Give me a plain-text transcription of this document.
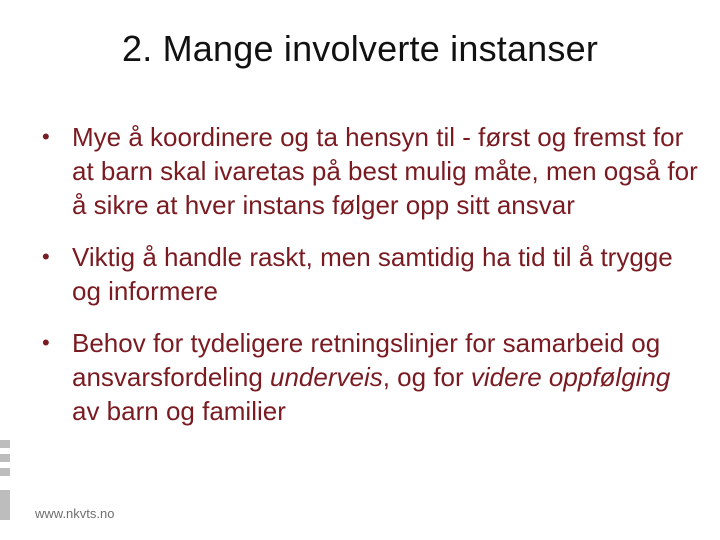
2. Mange involverte instanser
• Mye å koordinere og ta hensyn til - først og fremst for at barn skal ivaretas på best mulig måte, men også for å sikre at hver instans følger opp sitt ansvar
• Viktig å handle raskt, men samtidig ha tid til å trygge og informere
• Behov for tydeligere retningslinjer for samarbeid og ansvarsfordeling underveis, og for videre oppfølging av barn og familier
www.nkvts.no
